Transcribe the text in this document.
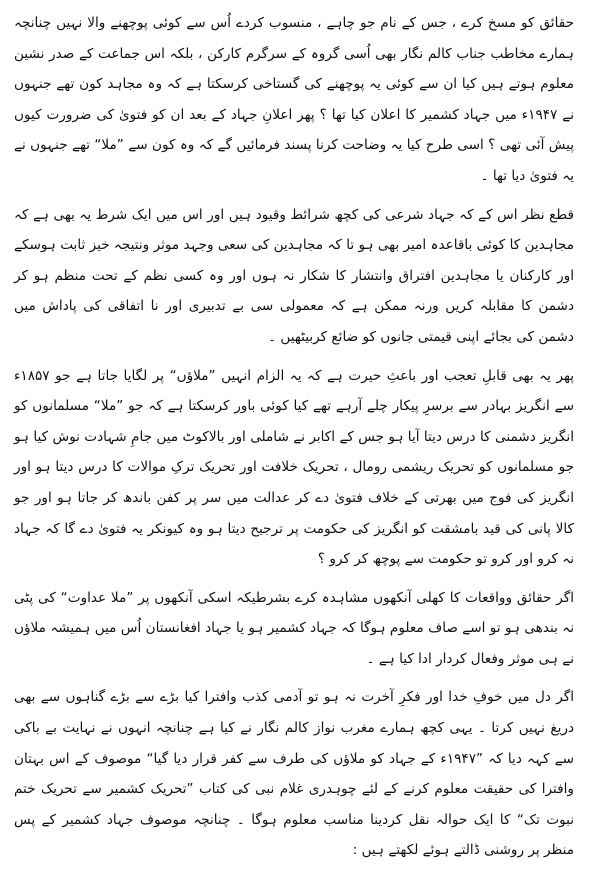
حقائق کو مسخ کرے ، جس کے نام جو چاہے ، منسوب کردے اُس سے کوئی پوچھنے والا نہیں چنانچہ ہمارے مخاطب جناب کالم نگار بھی اُسی گروہ کے سرگرم کارکن ، بلکہ اس جماعت کے صدر نشین معلوم ہوتے ہیں کیا ان سے کوئی یہ پوچھنے کی گستاخی کرسکتا ہے کہ وہ مجاہد کون تھے جنہوں نے ۱۹۴۷ء میں جہاد کشمیر کا اعلان کیا تھا ؟ پھر اعلانِ جہاد کے بعد ان کو فتویٰ کی ضرورت کیوں پیش آئی تھی ؟ اسی طرح کیا یہ وضاحت کرنا پسند فرمائیں گے کہ وہ کون سے ”ملا“ تھے جنہوں نے یہ فتویٰ دیا تھا ۔

قطع نظر اس کے کہ جہاد شرعی کی کچھ شرائط وقیود ہیں اور اس میں ایک شرط یہ بھی ہے کہ مجاہدین کا کوئی باقاعدہ امیر بھی ہو تا کہ مجاہدین کی سعی وجہد موثر ونتیجہ خیز ثابت ہوسکے اور کارکنان یا مجاہدین افتراق وانتشار کا شکار نہ ہوں اور وہ کسی نظم کے تحت منظم ہو کر دشمن کا مقابلہ کریں ورنہ ممکن ہے کہ معمولی سی بے تدبیری اور نا اتفاقی کی پاداش میں دشمن کی بجائے اپنی قیمتی جانوں کو ضائع کربیٹھیں ۔

پھر یہ بھی قابلِ تعجب اور باعثِ حیرت ہے کہ یہ الزام انہیں ”ملاؤں“ پر لگایا جاتا ہے جو ۱۸۵۷ء سے انگریز بہادر سے برسرِ پیکار چلے آرہے تھے کیا کوئی باور کرسکتا ہے کہ جو ”ملا“ مسلمانوں کو انگریز دشمنی کا درس دیتا آیا ہو جس کے اکابر نے شاملی اور بالاکوٹ میں جامِ شہادت نوش کیا ہو جو مسلمانوں کو تحریک ریشمی رومال ، تحریک خلافت اور تحریک ترکِ موالات کا درس دیتا ہو اور انگریز کی فوج میں بھرتی کے خلاف فتویٰ دے کر عدالت میں سر پر کفن باندھ کر جاتا ہو اور جو کالا پانی کی قید بامشقت کو انگریز کی حکومت پر ترجیح دیتا ہو وہ کیونکر یہ فتویٰ دے گا کہ جہاد نہ کرو اور کرو تو حکومت سے پوچھ کر کرو ؟

اگر حقائق وواقعات کا کھلی آنکھوں مشاہدہ کرے بشرطیکہ اسکی آنکھوں پر ”ملا عداوت“ کی پٹی نہ بندھی ہو تو اسے صاف معلوم ہوگا کہ جہاد کشمیر ہو یا جہاد افغانستان اُس میں ہمیشہ ملاؤں نے ہی موثر وفعال کردار ادا کیا ہے ۔

اگر دل میں خوفِ خدا اور فکرِ آخرت نہ ہو تو آدمی کذب وافترا کیا بڑے سے بڑے گناہوں سے بھی دریغ نہیں کرتا ۔ یہی کچھ ہمارے مغرب نواز کالم نگار نے کیا ہے چنانچہ انہوں نے نہایت بے باکی سے کہہ دیا کہ ”۱۹۴۷ء کے جہاد کو ملاؤں کی طرف سے کفر قرار دیا گیا“ موصوف کے اس بہتان وافترا کی حقیقت معلوم کرنے کے لئے چوہدری غلام نبی کی کتاب ”تحریک کشمیر سے تحریک ختم نبوت تک“ کا ایک حوالہ نقل کردینا مناسب معلوم ہوگا ۔ چنانچہ موصوف جہاد کشمیر کے پس منظر پر روشنی ڈالتے ہوئے لکھتے ہیں :
